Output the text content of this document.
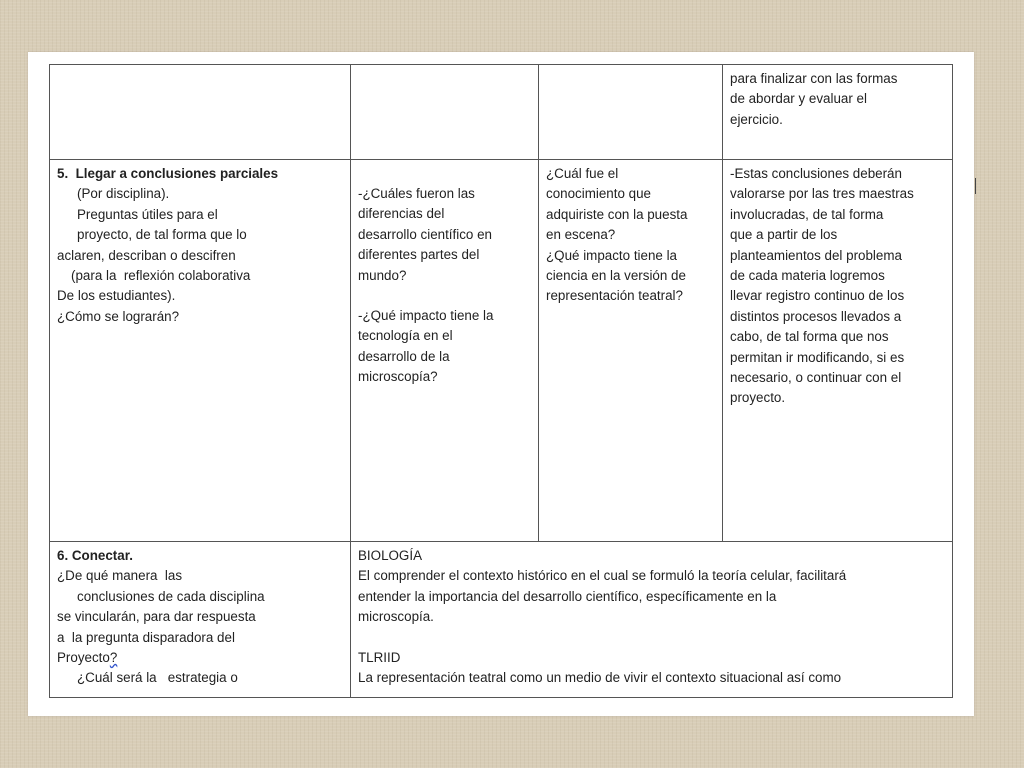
para finalizar con las formas
de abordar y evaluar el
ejercicio.
5.  Llegar a conclusiones parciales
(Por disciplina).
Preguntas útiles para el
proyecto, de tal forma que lo
aclaren, describan o descifren
(para la  reflexión colaborativa
De los estudiantes).
¿Cómo se lograrán?
-¿Cuáles fueron las
diferencias del
desarrollo científico en
diferentes partes del
mundo?
-¿Qué impacto tiene la
tecnología en el
desarrollo de la
microscopía?
¿Cuál fue el
conocimiento que
adquiriste con la puesta
en escena?
¿Qué impacto tiene la
ciencia en la versión de
representación teatral?
-Estas conclusiones deberán
valorarse por las tres maestras
involucradas, de tal forma
que a partir de los
planteamientos del problema
de cada materia logremos
llevar registro continuo de los
distintos procesos llevados a
cabo, de tal forma que nos
permitan ir modificando, si es
necesario, o continuar con el
proyecto.
6. Conectar.
¿De qué manera  las
conclusiones de cada disciplina
se vincularán, para dar respuesta
a  la pregunta disparadora del
Proyecto?
¿Cuál será la   estrategia o
BIOLOGÍA
El comprender el contexto histórico en el cual se formuló la teoría celular, facilitará
entender la importancia del desarrollo científico, específicamente en la
microscopía.
TLRIID
La representación teatral como un medio de vivir el contexto situacional así como
